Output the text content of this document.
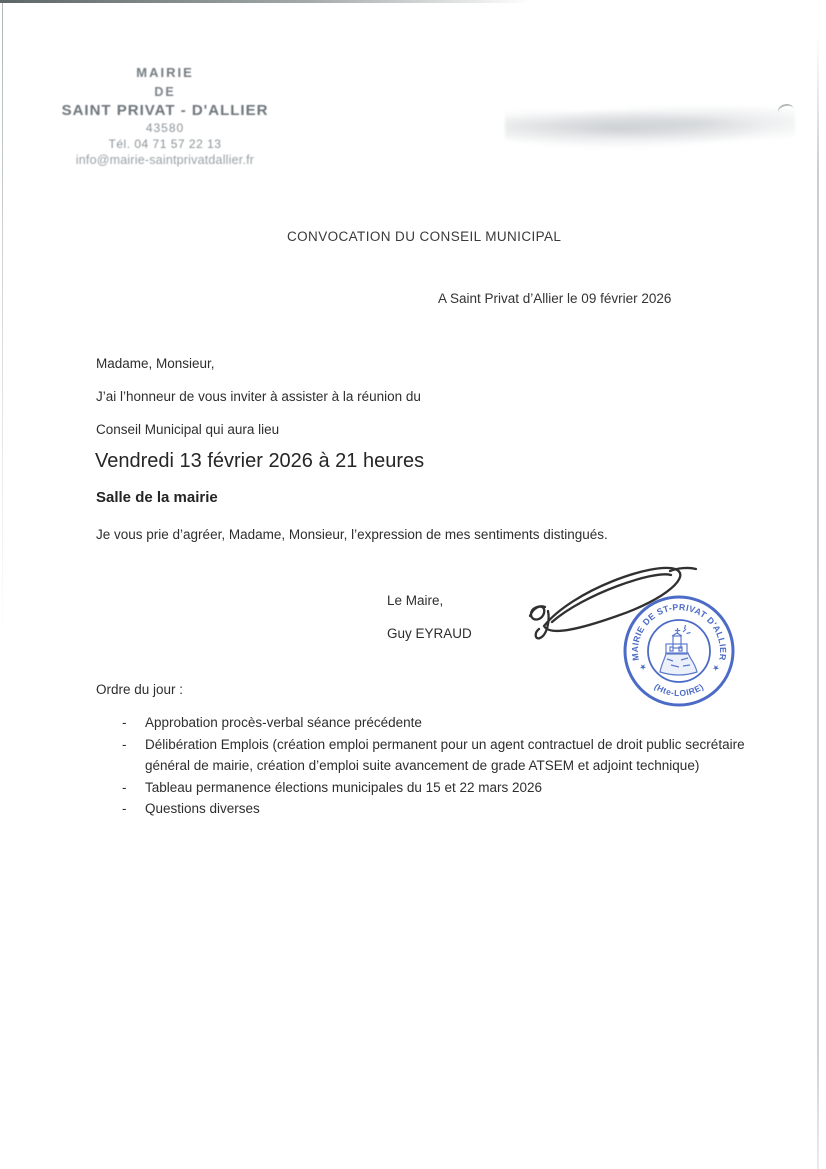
MAIRIE
DE
SAINT PRIVAT - D'ALLIER
43580
Tél. 04 71 57 22 13
info@mairie-saintprivatdallier.fr
CONVOCATION DU CONSEIL MUNICIPAL
A Saint Privat d’Allier le 09 février 2026
Madame, Monsieur,
J’ai l’honneur de vous inviter à assister à la réunion du
Conseil Municipal qui aura lieu
Vendredi 13 février 2026 à 21 heures
Salle de la mairie
Je vous prie d’agréer, Madame, Monsieur, l’expression de mes sentiments distingués.
Le Maire,
Guy EYRAUD
MAIRIE DE ST-PRIVAT D'ALLIER
(Hte-LOIRE)
★	★
Ordre du jour :
-	Approbation procès-verbal séance précédente
-	Délibération Emplois (création emploi permanent pour un agent contractuel de droit public secrétaire général de mairie, création d’emploi suite avancement de grade ATSEM et adjoint technique)
-	Tableau permanence élections municipales du 15 et 22 mars 2026
-	Questions diverses
